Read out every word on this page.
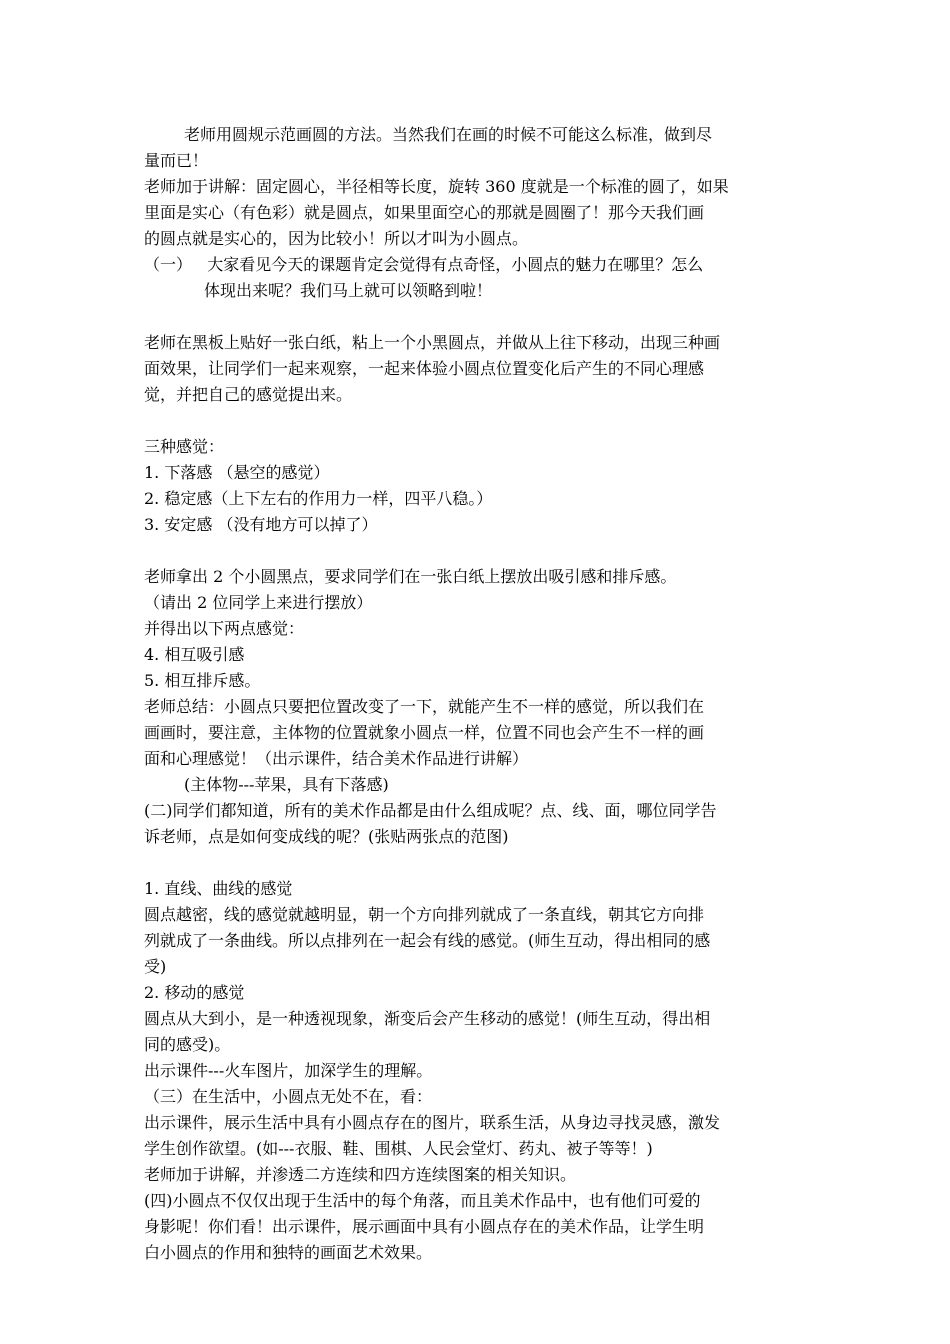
老师用圆规示范画圆的方法。当然我们在画的时候不可能这么标准，做到尽
量而已！
老师加于讲解：固定圆心，半径相等长度，旋转 360 度就是一个标准的圆了，如果
里面是实心（有色彩）就是圆点，如果里面空心的那就是圆圈了！那今天我们画
的圆点就是实心的，因为比较小！所以才叫为小圆点。
（一）   大家看见今天的课题肯定会觉得有点奇怪，小圆点的魅力在哪里？怎么
体现出来呢？我们马上就可以领略到啦！
老师在黑板上贴好一张白纸，粘上一个小黑圆点，并做从上往下移动，出现三种画
面效果，让同学们一起来观察，一起来体验小圆点位置变化后产生的不同心理感
觉，并把自己的感觉提出来。
三种感觉：
1. 下落感 （悬空的感觉）
2. 稳定感（上下左右的作用力一样，四平八稳。）
3. 安定感 （没有地方可以掉了）
老师拿出 2 个小圆黑点，要求同学们在一张白纸上摆放出吸引感和排斥感。
（请出 2 位同学上来进行摆放）
并得出以下两点感觉：
4. 相互吸引感
5. 相互排斥感。
老师总结：小圆点只要把位置改变了一下，就能产生不一样的感觉，所以我们在
画画时，要注意，主体物的位置就象小圆点一样，位置不同也会产生不一样的画
面和心理感觉！（出示课件，结合美术作品进行讲解）
(主体物---苹果，具有下落感)
(二)同学们都知道，所有的美术作品都是由什么组成呢？点、线、面，哪位同学告
诉老师，点是如何变成线的呢？(张贴两张点的范图)
1. 直线、曲线的感觉
圆点越密，线的感觉就越明显，朝一个方向排列就成了一条直线，朝其它方向排
列就成了一条曲线。所以点排列在一起会有线的感觉。(师生互动，得出相同的感
受)
2. 移动的感觉
圆点从大到小，是一种透视现象，渐变后会产生移动的感觉！(师生互动，得出相
同的感受)。
出示课件---火车图片，加深学生的理解。
（三）在生活中，小圆点无处不在，看：
出示课件，展示生活中具有小圆点存在的图片，联系生活，从身边寻找灵感，激发
学生创作欲望。(如---衣服、鞋、围棋、人民会堂灯、药丸、被子等等！)
老师加于讲解，并渗透二方连续和四方连续图案的相关知识。
(四)小圆点不仅仅出现于生活中的每个角落，而且美术作品中，也有他们可爱的
身影呢！你们看！出示课件，展示画面中具有小圆点存在的美术作品，让学生明
白小圆点的作用和独特的画面艺术效果。
